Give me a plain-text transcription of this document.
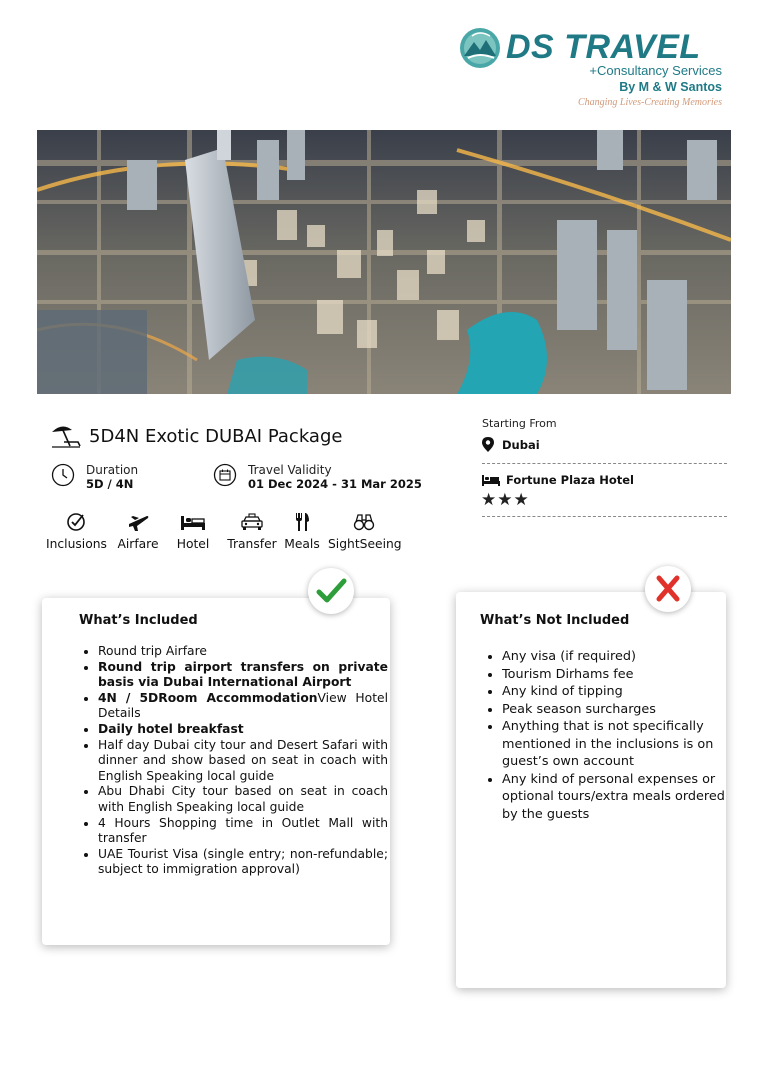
DS TRAVEL
+Consultancy Services
By M & W Santos
Changing Lives-Creating Memories
5D4N Exotic DUBAI Package
Duration
5D / 4N
Travel Validity
01 Dec 2024 - 31 Mar 2025
Inclusions Airfare	Hotel	Transfer Meals SightSeeing
Starting From
Dubai
Fortune Plaza Hotel
★★★
What’s Included
• Round trip Airfare
• Round trip airport transfers on private basis via Dubai International Airport
• 4N / 5DRoom AccommodationView Hotel Details
• Daily hotel breakfast
• Half day Dubai city tour and Desert Safari with dinner and show based on seat in coach with English Speaking local guide
• Abu Dhabi City tour based on seat in coach with English Speaking local guide
• 4 Hours Shopping time in Outlet Mall with transfer
• UAE Tourist Visa (single entry; non-refundable; subject to immigration approval)
What’s Not Included
• Any visa (if required)
• Tourism Dirhams fee
• Any kind of tipping
• Peak season surcharges
• Anything that is not specifically mentioned in the inclusions is on guest’s own account
• Any kind of personal expenses or optional tours/extra meals ordered by the guests
